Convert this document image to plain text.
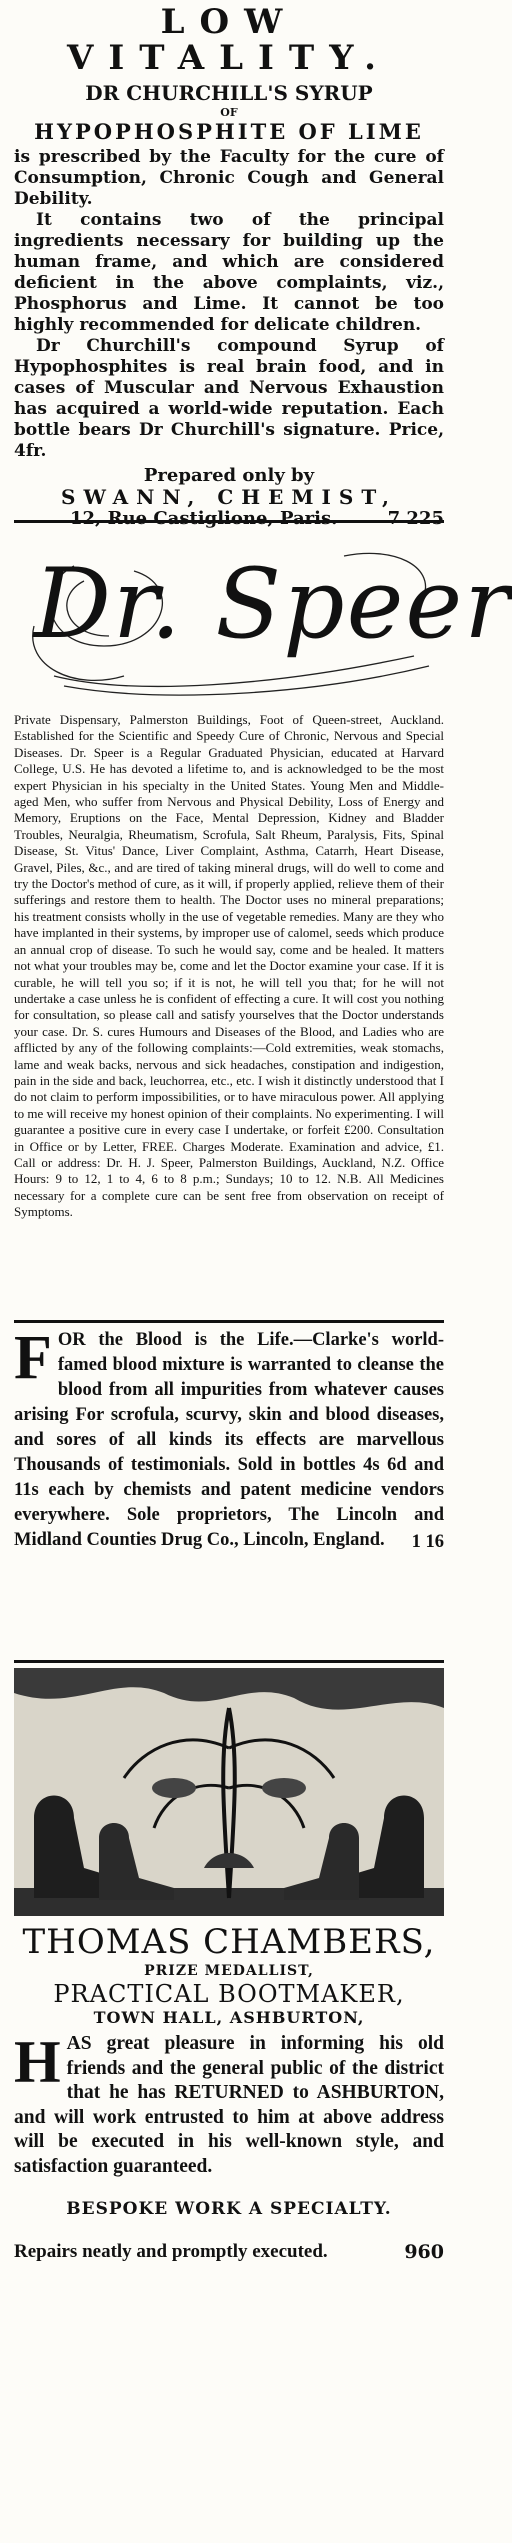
LOW VITALITY.
DR CHURCHILL'S SYRUP
OF
HYPOPHOSPHITE OF LIME

is prescribed by the Faculty for the cure of Consumption, Chronic Cough and General Debility.

It contains two of the principal ingredients necessary for building up the human frame, and which are considered deficient in the above complaints, viz., Phosphorus and Lime. It cannot be too highly recommended for delicate children.

Dr Churchill's compound Syrup of Hypophosphites is real brain food, and in cases of Muscular and Nervous Exhaustion has acquired a world-wide reputation. Each bottle bears Dr Churchill's signature. Price, 4fr.

Prepared only by
SWANN, CHEMIST,
12, Rue Castiglione, Paris.	7 225
Dr. Speer

Private Dispensary, Palmerston Buildings, Foot of Queen-street, Auckland. Established for the Scientific and Speedy Cure of Chronic, Nervous and Special Diseases. Dr. Speer is a Regular Graduated Physician, educated at Harvard College, U.S. He has devoted a lifetime to, and is acknowledged to be the most expert Physician in his specialty in the United States. Young Men and Middle-aged Men, who suffer from Nervous and Physical Debility, Loss of Energy and Memory, Eruptions on the Face, Mental Depression, Kidney and Bladder Troubles, Neuralgia, Rheumatism, Scrofula, Salt Rheum, Paralysis, Fits, Spinal Disease, St. Vitus' Dance, Liver Complaint, Asthma, Catarrh, Heart Disease, Gravel, Piles, &c., and are tired of taking mineral drugs, will do well to come and try the Doctor's method of cure, as it will, if properly applied, relieve them of their sufferings and restore them to health. The Doctor uses no mineral preparations; his treatment consists wholly in the use of vegetable remedies. Many are they who have implanted in their systems, by improper use of calomel, seeds which produce an annual crop of disease. To such he would say, come and be healed. It matters not what your troubles may be, come and let the Doctor examine your case. If it is curable, he will tell you so; if it is not, he will tell you that; for he will not undertake a case unless he is confident of effecting a cure. It will cost you nothing for consultation, so please call and satisfy yourselves that the Doctor understands your case. Dr. S. cures Humours and Diseases of the Blood, and Ladies who are afflicted by any of the following complaints:—Cold extremities, weak stomachs, lame and weak backs, nervous and sick headaches, constipation and indigestion, pain in the side and back, leuchorrea, etc., etc. I wish it distinctly understood that I do not claim to perform impossibilities, or to have miraculous power. All applying to me will receive my honest opinion of their complaints. No experimenting. I will guarantee a positive cure in every case I undertake, or forfeit £200. Consultation in Office or by Letter, FREE. Charges Moderate. Examination and advice, £1. Call or address: Dr. H. J. Speer, Palmerston Buildings, Auckland, N.Z. Office Hours: 9 to 12, 1 to 4, 6 to 8 p.m.; Sundays; 10 to 12. N.B. All Medicines necessary for a complete cure can be sent free from observation on receipt of Symptoms.

F OR the Blood is the Life.—Clarke's world-famed blood mixture is warranted to cleanse the blood from all impurities from whatever causes arising For scrofula, scurvy, skin and blood diseases, and sores of all kinds its effects are marvellous Thousands of testimonials. Sold in bottles 4s 6d and 11s each by chemists and patent medicine vendors everywhere. Sole proprietors, The Lincoln and Midland Counties Drug Co., Lincoln, England. 1 16
THOMAS CHAMBERS,
PRIZE MEDALLIST,
PRACTICAL BOOTMAKER,
TOWN HALL, ASHBURTON,
H AS great pleasure in informing his old friends and the general public of the district that he has RETURNED to ASHBURTON, and will work entrusted to him at above address will be executed in his well-known style, and satisfaction guaranteed.
BESPOKE WORK A SPECIALTY.
Repairs neatly and promptly executed.	960
